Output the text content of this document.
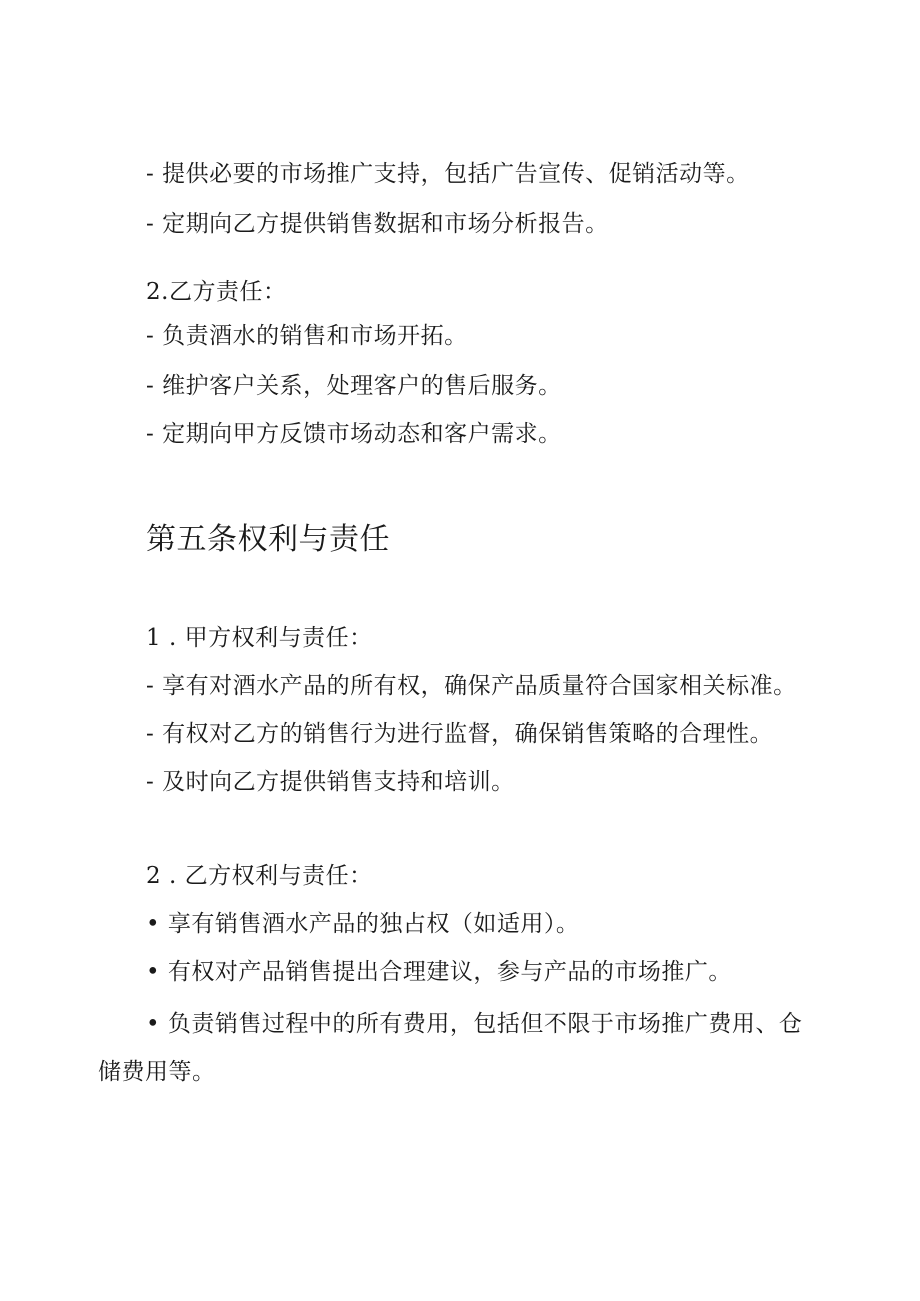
- 提供必要的市场推广支持，包括广告宣传、促销活动等。
- 定期向乙方提供销售数据和市场分析报告。
2.乙方责任：
- 负责酒水的销售和市场开拓。
- 维护客户关系，处理客户的售后服务。
- 定期向甲方反馈市场动态和客户需求。
第五条权利与责任
1 . 甲方权利与责任：
- 享有对酒水产品的所有权，确保产品质量符合国家相关标准。
- 有权对乙方的销售行为进行监督，确保销售策略的合理性。
- 及时向乙方提供销售支持和培训。
2 . 乙方权利与责任：
• 享有销售酒水产品的独占权（如适用）。
• 有权对产品销售提出合理建议，参与产品的市场推广。
• 负责销售过程中的所有费用，包括但不限于市场推广费用、仓
储费用等。
